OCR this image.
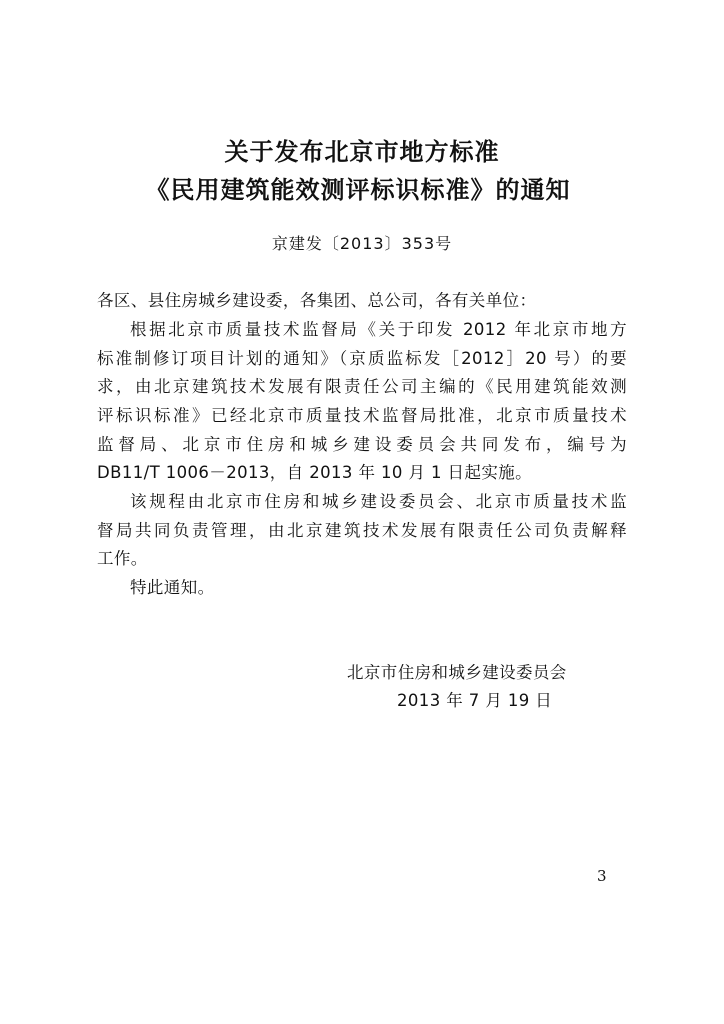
关于发布北京市地方标准
《民用建筑能效测评标识标准》的通知
京建发〔2013〕353号
各区、县住房城乡建设委，各集团、总公司，各有关单位：
根据北京市质量技术监督局《关于印发 2012 年北京市地方
标准制修订项目计划的通知》（京质监标发［2012］20 号）的要
求，由北京建筑技术发展有限责任公司主编的《民用建筑能效测
评标识标准》已经北京市质量技术监督局批准，北京市质量技术
监督局、北京市住房和城乡建设委员会共同发布，编号为
DB11/T 1006－2013，自 2013 年 10 月 1 日起实施。
该规程由北京市住房和城乡建设委员会、北京市质量技术监
督局共同负责管理，由北京建筑技术发展有限责任公司负责解释
工作。
特此通知。
北京市住房和城乡建设委员会
2013 年 7 月 19 日
3
